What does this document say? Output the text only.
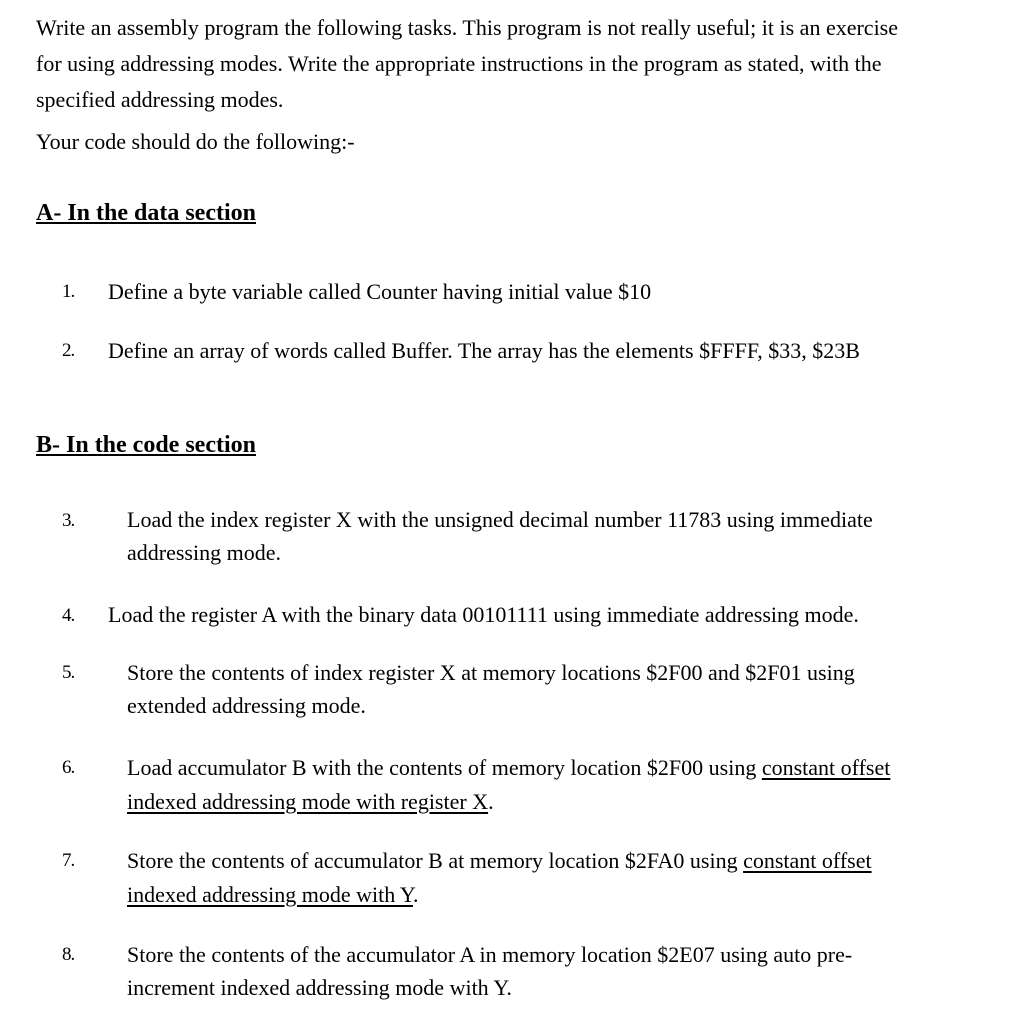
Write an assembly program the following tasks. This program is not really useful; it is an exercise
for using addressing modes. Write the appropriate instructions in the program as stated, with the
specified addressing modes.
Your code should do the following:-
A- In the data section
1. Define a byte variable called Counter having initial value $10
2. Define an array of words called Buffer. The array has the elements $FFFF, $33, $23B
B- In the code section
3. Load the index register X with the unsigned decimal number 11783 using immediate
addressing mode.
4. Load the register A with the binary data 00101111 using immediate addressing mode.
5. Store the contents of index register X at memory locations $2F00 and $2F01 using
extended addressing mode.
6. Load accumulator B with the contents of memory location $2F00 using constant offset
indexed addressing mode with register X.
7. Store the contents of accumulator B at memory location $2FA0 using constant offset
indexed addressing mode with Y.
8. Store the contents of the accumulator A in memory location $2E07 using auto pre-
increment indexed addressing mode with Y.
